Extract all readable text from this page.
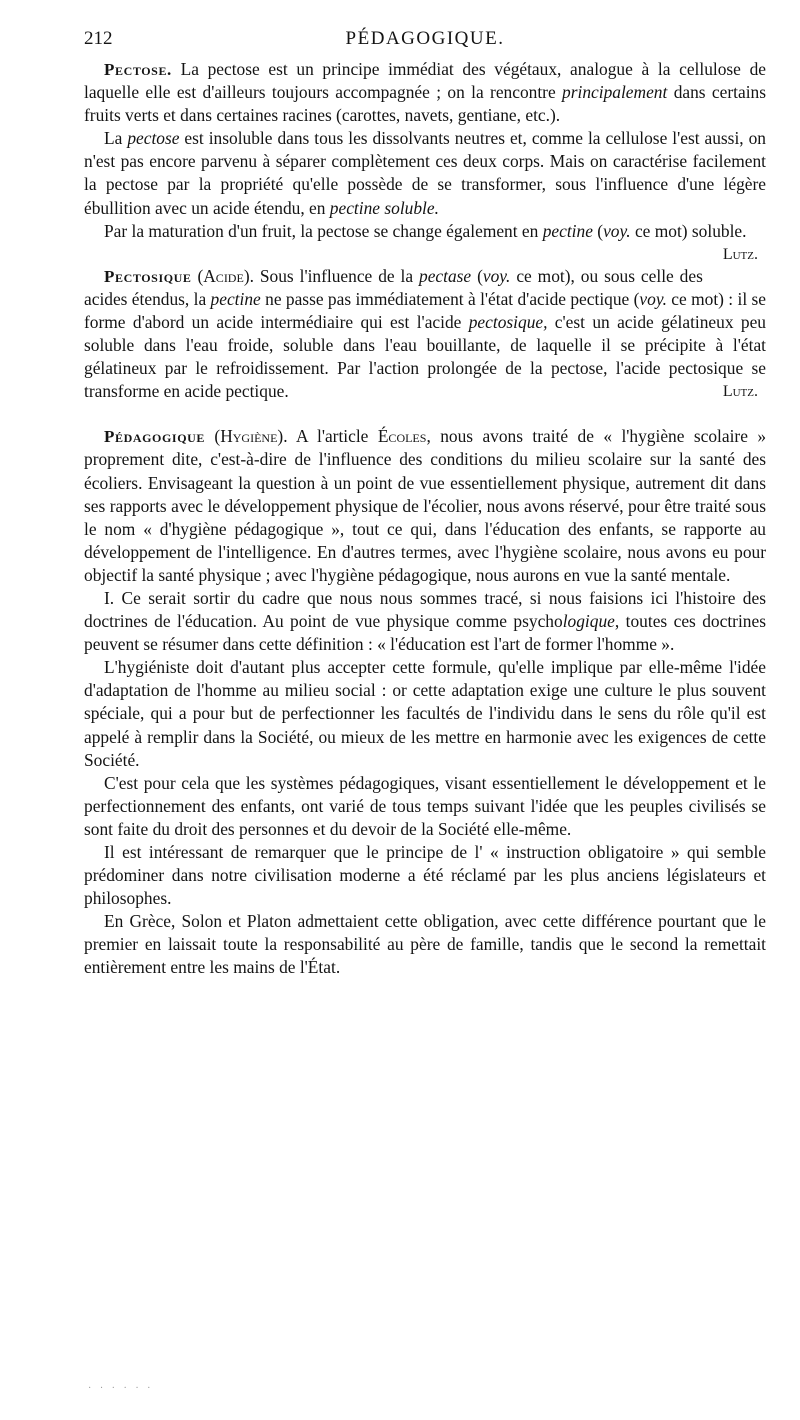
212	PÉDAGOGIQUE.

Pectose. La pectose est un principe immédiat des végétaux, analogue à la cellulose de laquelle elle est d'ailleurs toujours accompagnée ; on la rencontre principalement dans certains fruits verts et dans certaines racines (carottes, navets, gentiane, etc.).

La pectose est insoluble dans tous les dissolvants neutres et, comme la cellulose l'est aussi, on n'est pas encore parvenu à séparer complètement ces deux corps. Mais on caractérise facilement la pectose par la propriété qu'elle possède de se transformer, sous l'influence d'une légère ébullition avec un acide étendu, en pectine soluble.

Par la maturation d'un fruit, la pectose se change également en pectine (voy. ce mot) soluble.
Lutz.

Pectosique (Acide). Sous l'influence de la pectase (voy. ce mot), ou sous celle des acides étendus, la pectine ne passe pas immédiatement à l'état d'acide pectique (voy. ce mot) : il se forme d'abord un acide intermédiaire qui est l'acide pectosique, c'est un acide gélatineux peu soluble dans l'eau froide, soluble dans l'eau bouillante, de laquelle il se précipite à l'état gélatineux par le refroidissement. Par l'action prolongée de la pectose, l'acide pectosique se transforme en acide pectique.	Lutz.

Pédagogique (Hygiène). A l'article Écoles, nous avons traité de « l'hygiène scolaire » proprement dite, c'est-à-dire de l'influence des conditions du milieu scolaire sur la santé des écoliers. Envisageant la question à un point de vue essentiellement physique, autrement dit dans ses rapports avec le développement physique de l'écolier, nous avons réservé, pour être traité sous le nom « d'hygiène pédagogique », tout ce qui, dans l'éducation des enfants, se rapporte au développement de l'intelligence. En d'autres termes, avec l'hygiène scolaire, nous avons eu pour objectif la santé physique ; avec l'hygiène pédagogique, nous aurons en vue la santé mentale.

I. Ce serait sortir du cadre que nous nous sommes tracé, si nous faisions ici l'histoire des doctrines de l'éducation. Au point de vue physique comme psychologique, toutes ces doctrines peuvent se résumer dans cette définition : « l'éducation est l'art de former l'homme ».

L'hygiéniste doit d'autant plus accepter cette formule, qu'elle implique par elle-même l'idée d'adaptation de l'homme au milieu social : or cette adaptation exige une culture le plus souvent spéciale, qui a pour but de perfectionner les facultés de l'individu dans le sens du rôle qu'il est appelé à remplir dans la Société, ou mieux de les mettre en harmonie avec les exigences de cette Société.

C'est pour cela que les systèmes pédagogiques, visant essentiellement le développement et le perfectionnement des enfants, ont varié de tous temps suivant l'idée que les peuples civilisés se sont faite du droit des personnes et du devoir de la Société elle-même.

Il est intéressant de remarquer que le principe de l' « instruction obligatoire » qui semble prédominer dans notre civilisation moderne a été réclamé par les plus anciens législateurs et philosophes.

En Grèce, Solon et Platon admettaient cette obligation, avec cette différence pourtant que le premier en laissait toute la responsabilité au père de famille, tandis que le second la remettait entièrement entre les mains de l'État.

· · · · · ·
